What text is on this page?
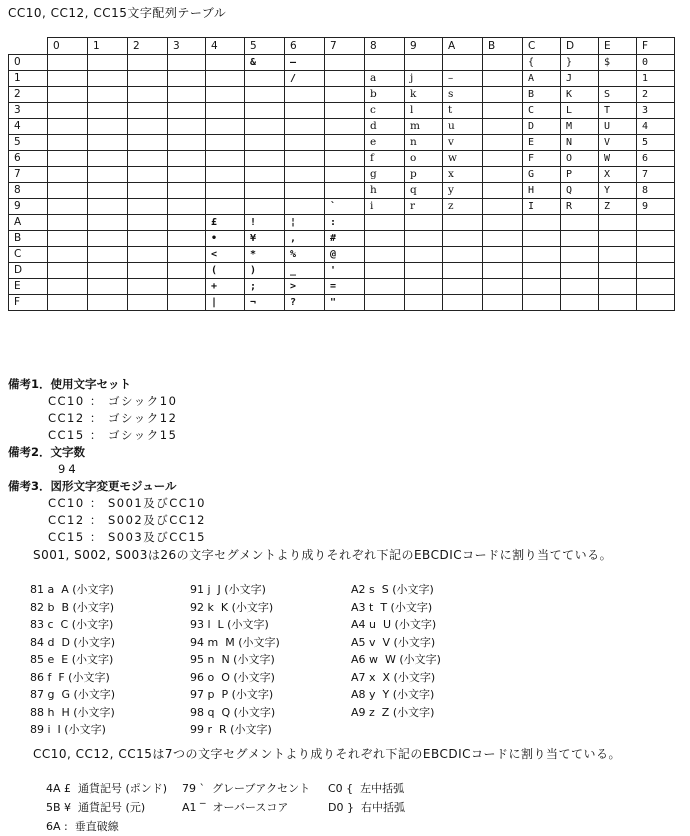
CC10, CC12, CC15文字配列テーブル
	0	1	2	3	4	5	6	7	8	9	A	B	C	D	E	F
0						&	–						{	}	$	0
1							/		a	j	–		A	J		1
2									b	k	s		B	K	S	2
3									c	l	t		C	L	T	3
4									d	m	u		D	M	U	4
5									e	n	v		E	N	V	5
6									f	o	w		F	O	W	6
7									g	p	x		G	P	X	7
8									h	q	y		H	Q	Y	8
9								`	i	r	z		I	R	Z	9
A					£	!	¦	:								
B					•	¥	,	#								
C					<	*	%	@								
D					(	)	_	'								
E					+	;	>	=								
F					|	¬	?	"								
備考1．使用文字セット
CC10 ： ゴシック10
CC12 ： ゴシック12
CC15 ： ゴシック15
備考2．文字数
94
備考3．図形文字変更モジュール
CC10 ： S001及びCC10
CC12 ： S002及びCC12
CC15 ： S003及びCC15
S001, S002, S003は26の文字セグメントより成りそれぞれ下記のEBCDICコードに割り当てている。
81 a  A (小文字)
82 b  B (小文字)
83 c  C (小文字)
84 d  D (小文字)
85 e  E (小文字)
86 f  F (小文字)
87 g  G (小文字)
88 h  H (小文字)
89 i  I (小文字)
91 j  J (小文字)
92 k  K (小文字)
93 l  L (小文字)
94 m  M (小文字)
95 n  N (小文字)
96 o  O (小文字)
97 p  P (小文字)
98 q  Q (小文字)
99 r  R (小文字)
A2 s  S (小文字)
A3 t  T (小文字)
A4 u  U (小文字)
A5 v  V (小文字)
A6 w  W (小文字)
A7 x  X (小文字)
A8 y  Y (小文字)
A9 z  Z (小文字)
CC10, CC12, CC15は7つの文字セグメントより成りそれぞれ下記のEBCDICコードに割り当てている。
4A £  通貨記号 (ポンド)
5B ¥  通貨記号 (元)
6A :  垂直破線
79 `  グレーブアクセント
A1 ‾  オーバースコア
C0 {  左中括弧
D0 }  右中括弧
